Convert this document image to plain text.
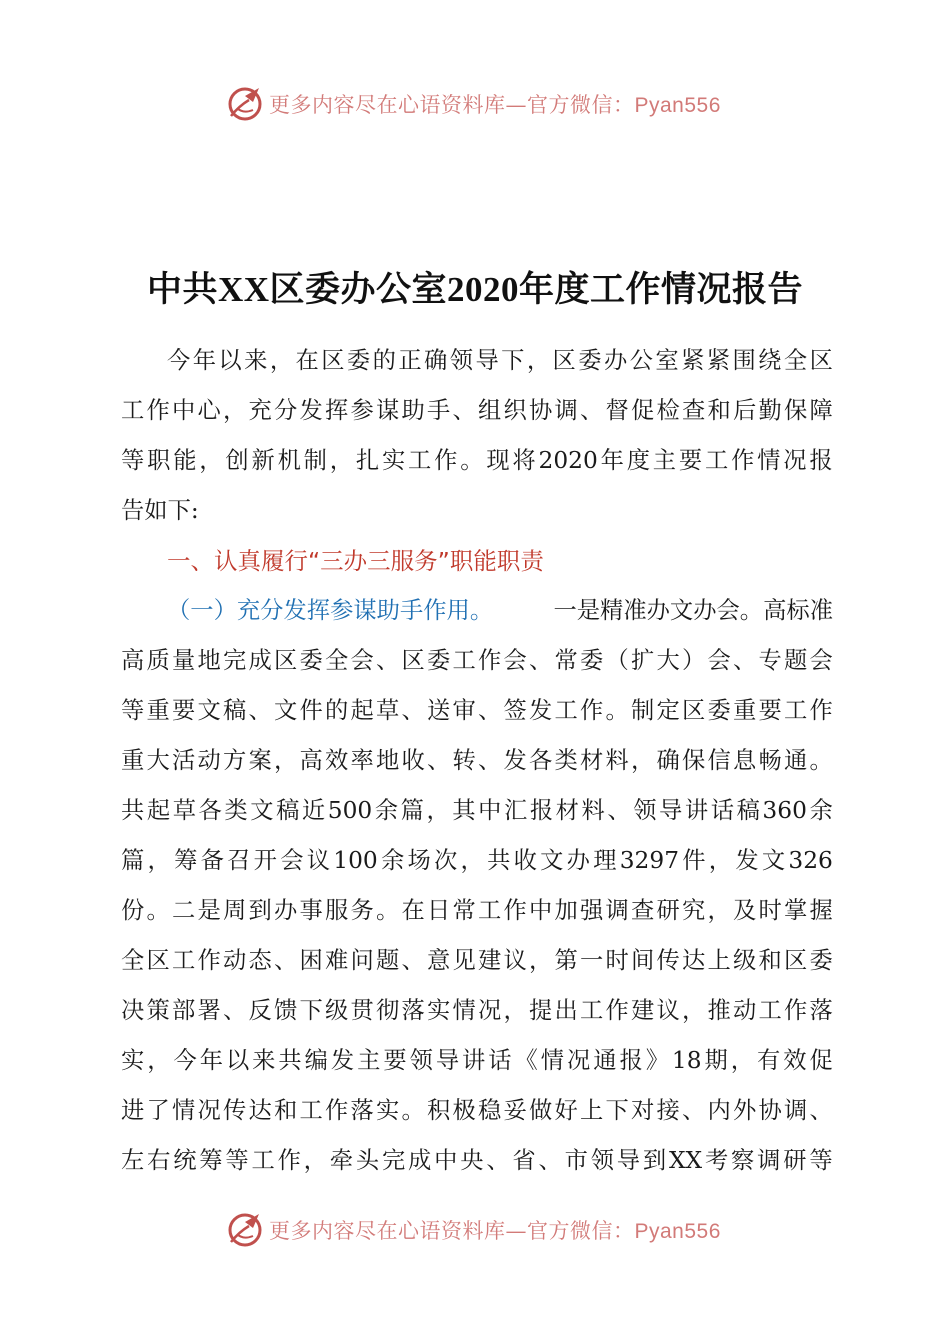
更多内容尽在心语资料库—官方微信：Pyan556
中共XX区委办公室2020年度工作情况报告
今 年 以 来 ， 在 区 委 的 正 确 领 导 下 ， 区 委 办 公 室 紧 紧 围 绕 全 区
工 作 中 心 ， 充 分 发 挥 参 谋 助 手 、 组 织 协 调 、 督 促 检 查 和 后 勤 保 障
等 职 能 ， 创 新 机 制 ， 扎 实 工 作 。 现 将 2020 年 度 主 要 工 作 情 况 报
告如下:
一、认真履行“三办三服务”职能职责
（一）充分发挥参谋助手作用。	一是精准办文办会。高标准
高 质 量 地 完 成 区 委 全 会 、 区 委 工 作 会 、 常 委 （ 扩 大 ） 会 、 专 题 会
等 重 要 文 稿 、 文 件 的 起 草 、 送 审 、 签 发 工 作 。 制 定 区 委 重 要 工 作
重 大 活 动 方 案 ， 高 效 率 地 收 、 转 、 发 各 类 材 料 ， 确 保 信 息 畅 通 。
共 起 草 各 类 文 稿 近 500 余 篇 ， 其 中 汇 报 材 料 、 领 导 讲 话 稿 360 余
篇 ， 筹 备 召 开 会 议 100 余 场 次 ， 共 收 文 办 理 3297 件 ， 发 文 326
份 。 二 是 周 到 办 事 服 务 。 在 日 常 工 作 中 加 强 调 查 研 究 ， 及 时 掌 握
全 区 工 作 动 态 、 困 难 问 题 、 意 见 建 议 ， 第 一 时 间 传 达 上 级 和 区 委
决 策 部 署 、 反 馈 下 级 贯 彻 落 实 情 况 ， 提 出 工 作 建 议 ， 推 动 工 作 落
实 ， 今 年 以 来 共 编 发 主 要 领 导 讲 话 《 情 况 通 报 》 18 期 ， 有 效 促
进 了 情 况 传 达 和 工 作 落 实 。 积 极 稳 妥 做 好 上 下 对 接 、 内 外 协 调 、
左 右 统 筹 等 工 作 ， 牵 头 完 成 中 央 、 省 、 市 领 导 到 XX 考 察 调 研 等
更多内容尽在心语资料库—官方微信：Pyan556
